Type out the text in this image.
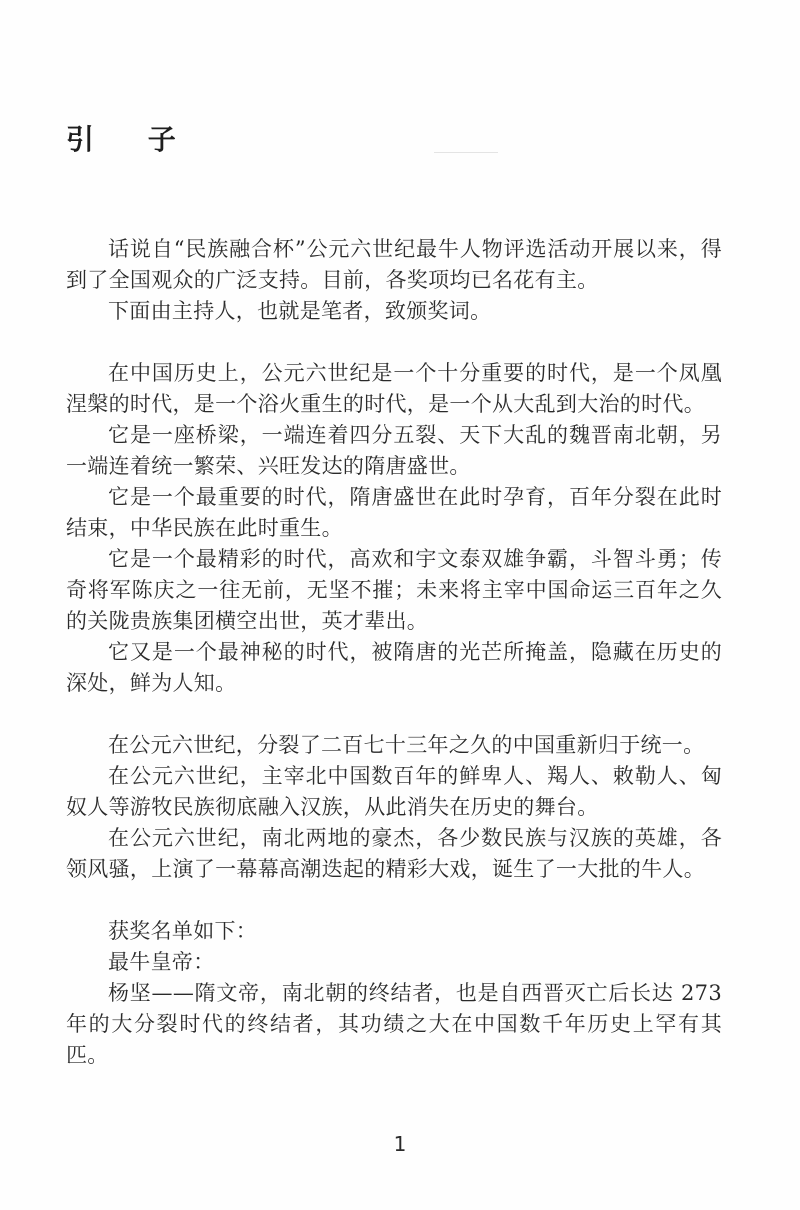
引 子

话说自“民族融合杯”公元六世纪最牛人物评选活动开展以来，得到了全国观众的广泛支持。目前，各奖项均已名花有主。

下面由主持人，也就是笔者，致颁奖词。

在中国历史上，公元六世纪是一个十分重要的时代，是一个凤凰涅槃的时代，是一个浴火重生的时代，是一个从大乱到大治的时代。

它是一座桥梁，一端连着四分五裂、天下大乱的魏晋南北朝，另一端连着统一繁荣、兴旺发达的隋唐盛世。

它是一个最重要的时代，隋唐盛世在此时孕育，百年分裂在此时结束，中华民族在此时重生。

它是一个最精彩的时代，高欢和宇文泰双雄争霸，斗智斗勇；传奇将军陈庆之一往无前，无坚不摧；未来将主宰中国命运三百年之久的关陇贵族集团横空出世，英才辈出。

它又是一个最神秘的时代，被隋唐的光芒所掩盖，隐藏在历史的深处，鲜为人知。

在公元六世纪，分裂了二百七十三年之久的中国重新归于统一。

在公元六世纪，主宰北中国数百年的鲜卑人、羯人、敕勒人、匈奴人等游牧民族彻底融入汉族，从此消失在历史的舞台。

在公元六世纪，南北两地的豪杰，各少数民族与汉族的英雄，各领风骚，上演了一幕幕高潮迭起的精彩大戏，诞生了一大批的牛人。

获奖名单如下：

最牛皇帝：

杨坚——隋文帝，南北朝的终结者，也是自西晋灭亡后长达 273 年的大分裂时代的终结者，其功绩之大在中国数千年历史上罕有其匹。

1
